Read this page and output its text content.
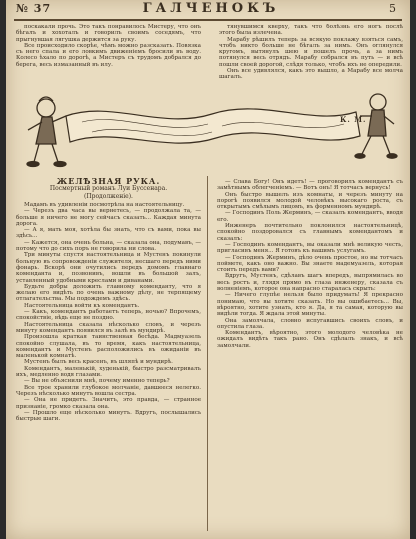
№ 37	ГАЛЧЕНОКЪ	5

поскакали прочь. Это такъ понравилось Мистеру, что онъ бѣгалъ и хохоталъ и говорилъ своимъ соседямъ, что прыгнувшая лягушка держится за руку.

Все происходило скорѣе, чѣмъ можно разсказать. Повязка съ него спала и его ловкимъ движеніемъ бросили въ воду. Колесо ѣхало по дорогѣ, а Мистеръ съ трудомъ добрался до берега, весь измазанный въ илу.

тянувшимся кверху, такъ что болѣзнь его ногъ послѣ этого была излечена.

Марабу рѣшилъ теперь за всякую поклажу взяться самъ, чтобъ никто больше не бѣгалъ за нимъ. Онъ оглянулся кругомъ, вытянулъ шею и пошелъ прочь, а за нимъ потянулся весь отрядъ. Марабу собрался въ путь — и всѣ пошли своей дорогой, слѣдя только, чтобъ ихъ не опередили.

Онъ все удивлялся, какъ это вышло, а Марабу все молча шагалъ.

К. М.
ЖЕЛѢЗНАЯ РУКА.
Посмертный романъ Луи Буссенара.
(Продолженіе).

Мадамъ въ удивленіи посмотрѣла на настоятельницу.

— Черезъ два часа вы вернетесь, — продолжала та, — больше я ничего не могу сейчасъ сказать... Каждая минута дорога.

— А я, мать моя, хотѣла бы знать, что съ вами, пока вы здѣсь...

— Кажется, она очень больна, — сказала она, подумавъ, — потому что до сихъ поръ не говорила ни слова.

Три минуты спустя настоятельница и Мустенъ покинули больную въ сопровожденіи служителя, несшаго передъ ними фонарь. Вскорѣ они очутились передъ домомъ главнаго коменданта и, позвонивъ, вошли въ большой залъ, уставленный удобными креслами и диванами.

Будьте добры доложить главному коменданту, что я желаю его видѣть по очень важному дѣлу, не терпящему отлагательства. Мы подождемъ здѣсь.

Настоятельница войти къ комендантъ.

— Какъ, комендантъ работаетъ теперь, ночью? Впрочемъ, спокойствіе, вѣдь еще не поздно.

Настоятельница сказала нѣсколько словъ, и черезъ минуту комендантъ появился въ залѣ въ мундирѣ.

Произошла краткая таинственная бесѣда. Мадмуазель спокойно слушала, въ то время, какъ настоятельница, комендантъ и Мустенъ расположились въ ожиданіи въ маленькой комнатѣ.

Мустенъ былъ весь красенъ, въ шляпѣ и мундирѣ.

Комендантъ, маленькій, худенькій, быстро разсматривалъ ихъ, медленно водя глазами.

— Вы не объяснили мнѣ, почему именно теперь?

Все трое хранили глубокое молчаніе, давшееся нелегко. Черезъ нѣсколько минутъ вошла сестра.

— Она не придетъ. Значитъ, это правда, — странное признаніе, громко сказала она.

— Прошло еще нѣсколько минутъ. Вдругъ, послышались быстрые шаги.

— Слава Богу! Онъ идетъ! — проговорилъ комендантъ съ замѣтнымъ облегченіемъ. — Вотъ онъ! Я тотчасъ вернусь!

Онъ быстро вышелъ изъ комнаты, и черезъ минуту на порогѣ появился молодой человѣкъ высокаго роста, съ открытымъ смѣлымъ лицомъ, въ форменномъ мундирѣ.

— Господинъ Поль Жерминъ, — сказалъ комендантъ, вводя его.

Инженеръ почтительно поклонился настоятельницѣ, спокойно поздоровался съ главнымъ комендантомъ и сказалъ:

— Господинъ комендантъ, вы оказали мнѣ великую честь, пригласивъ меня... Я готовъ къ вашимъ услугамъ.

— Господинъ Жерминъ, дѣло очень простое, но вы тотчасъ поймете, какъ оно важно. Вы знаете мадемуазель, которая стоитъ передъ вами?

Вдругъ, Мустенъ, сдѣлавъ шагъ впередъ, выпрямилась во весь ростъ и, глядя прямо въ глаза инженеру, сказала съ волненіемъ, которое она напрасно старалась скрыть:

— Ничего глупѣе нельзя было придумать! Я прекрасно понимаю, что вы хотите сказать. Но вы ошибаетесь... Вы, вѣроятно, хотите узнать, кто я. Да, я та самая, которую вы видѣли тогда. Я ждала этой минуты.

Она замолчала, словно испугавшись своихъ словъ, и опустила глаза.

Комендантъ, вѣроятно, этого молодого человѣка не ожидалъ видѣть такъ рано. Онъ сдѣлалъ знакъ, и всѣ замолчали.
